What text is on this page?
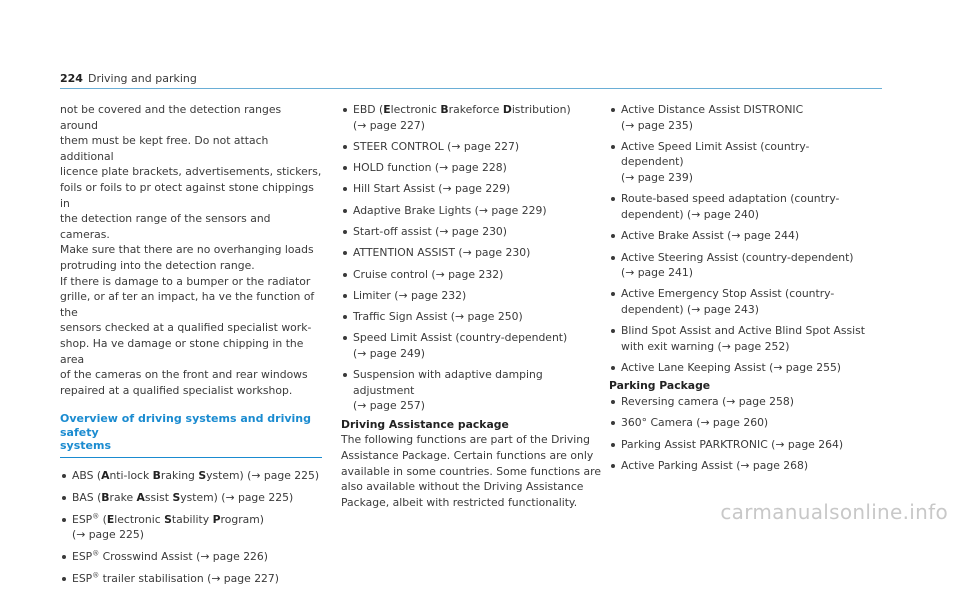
224 Driving and parking
not be covered and the detection ranges around
them must be kept free. Do not attach additional
licence plate brackets, advertisements, stickers,
foils or foils to pr otect against stone chippings in
the detection range of the sensors and cameras.
Make sure that there are no overhanging loads
protruding into the detection range.
If there is damage to a bumper or the radiator
grille, or af ter an impact, ha ve the function of the
sensors checked at a qualified specialist work‐
shop. Ha ve damage or stone chipping in the area
of the cameras on the front and rear windows
repaired at a qualified specialist workshop.
Overview of driving systems and driving safety
systems
ABS (Anti-lock Braking System) (→ page 225)
BAS (Brake Assist System) (→ page 225)
ESP® (Electronic Stability Program)
(→ page 225)
ESP® Crosswind Assist (→ page 226)
ESP® trailer stabilisation (→ page 227)
EBD (Electronic Brakeforce Distribution)
(→ page 227)
STEER CONTROL (→ page 227)
HOLD function (→ page 228)
Hill Start Assist (→ page 229)
Adaptive Brake Lights (→ page 229)
Start-off assist (→ page 230)
ATTENTION ASSIST (→ page 230)
Cruise control (→ page 232)
Limiter (→ page 232)
Traffic Sign Assist (→ page 250)
Speed Limit Assist (country-dependent)
(→ page 249)
Suspension with adaptive damping adjustment
(→ page 257)
Driving Assistance package
The following functions are part of the Driving
Assistance Package. Certain functions are only
available in some countries. Some functions are
also available without the Driving Assistance
Package, albeit with restricted functionality.
Active Distance Assist DISTRONIC
(→ page 235)
Active Speed Limit Assist (country-dependent)
(→ page 239)
Route-based speed adaptation (country-
dependent) (→ page 240)
Active Brake Assist (→ page 244)
Active Steering Assist (country-dependent)
(→ page 241)
Active Emergency Stop Assist (country-
dependent) (→ page 243)
Blind Spot Assist and Active Blind Spot Assist
with exit warning (→ page 252)
Active Lane Keeping Assist (→ page 255)
Parking Package
Reversing camera (→ page 258)
360° Camera (→ page 260)
Parking Assist PARKTRONIC (→ page 264)
Active Parking Assist (→ page 268)
carmanualsonline.info
